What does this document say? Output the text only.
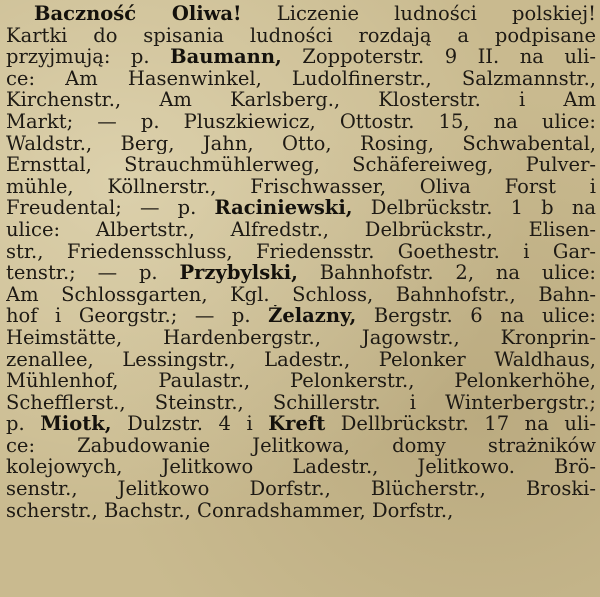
Baczność Oliwa! Liczenie ludności polskiej!
Kartki do spisania ludności rozdają a podpisane
przyjmują: p. Baumann, Zoppoterstr. 9 II. na uli-
ce: Am Hasenwinkel, Ludolfinerstr., Salzmannstr.,
Kirchenstr., Am Karlsberg., Klosterstr. i Am
Markt; — p. Pluszkiewicz, Ottostr. 15, na ulice:
Waldstr., Berg, Jahn, Otto, Rosing, Schwabental,
Ernsttal, Strauchmühlerweg, Schäfereiweg, Pulver-
mühle, Köllnerstr., Frischwasser, Oliva Forst i
Freudental; — p. Raciniewski, Delbrückstr. 1 b na
ulice: Albertstr., Alfredstr., Delbrückstr., Elisen-
str., Friedensschluss, Friedensstr. Goethestr. i Gar-
tenstr.; — p. Przybylski, Bahnhofstr. 2, na ulice:
Am Schlossgarten, Kgl. Schloss, Bahnhofstr., Bahn-
hof i Georgstr.; — p. Żelazny, Bergstr. 6 na ulice:
Heimstätte, Hardenbergstr., Jagowstr., Kronprin-
zenallee, Lessingstr., Ladestr., Pelonker Waldhaus,
Mühlenhof, Paulastr., Pelonkerstr., Pelonkerhöhe,
Schefflerst., Steinstr., Schillerstr. i Winterbergstr.;
p. Miotk, Dulzstr. 4 i Kreft Dellbrückstr. 17 na uli-
ce: Zabudowanie Jelitkowa, domy strażników
kolejowych, Jelitkowo Ladestr., Jelitkowo. Brö-
senstr., Jelitkowo Dorfstr., Blücherstr., Broski-
scherstr., Bachstr., Conradshammer, Dorfstr.,
